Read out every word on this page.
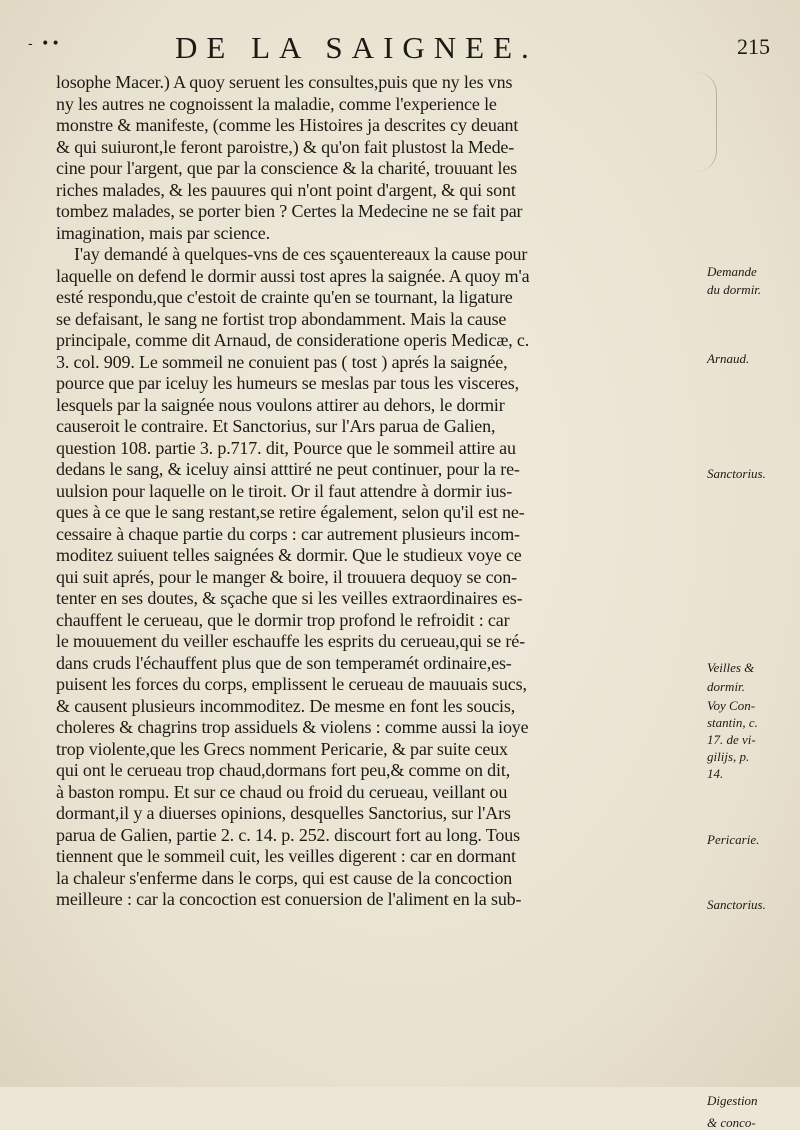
- ••	DE LA SAIGNEE.	215
losophe Macer.) A quoy seruent les consultes,puis que ny les vns
ny les autres ne cognoissent la maladie, comme l'experience le
monstre & manifeste, (comme les Histoires ja descrites cy deuant
& qui suiuront,le feront paroistre,) & qu'on fait plustost la Mede-
cine pour l'argent, que par la conscience & la charité, trouuant les
riches malades, & les pauures qui n'ont point d'argent, & qui sont
tombez malades, se porter bien ? Certes la Medecine ne se fait par
imagination, mais par science.
I'ay demandé à quelques-vns de ces sçauentereaux la cause pour
laquelle on defend le dormir aussi tost apres la saignée. A quoy m'a
esté respondu,que c'estoit de crainte qu'en se tournant, la ligature
se defaisant, le sang ne fortist trop abondamment. Mais la cause
principale, comme dit Arnaud, de consideratione operis Medicæ, c.
3. col. 909. Le sommeil ne conuient pas ( tost ) aprés la saignée,
pource que par iceluy les humeurs se meslas par tous les visceres,
lesquels par la saignée nous voulons attirer au dehors, le dormir
causeroit le contraire. Et Sanctorius, sur l'Ars parua de Galien,
question 108. partie 3. p.717. dit, Pource que le sommeil attire au
dedans le sang, & iceluy ainsi atttiré ne peut continuer, pour la re-
uulsion pour laquelle on le tiroit. Or il faut attendre à dormir ius-
ques à ce que le sang restant,se retire également, selon qu'il est ne-
cessaire à chaque partie du corps : car autrement plusieurs incom-
moditez suiuent telles saignées & dormir. Que le studieux voye ce
qui suit aprés, pour le manger & boire, il trouuera dequoy se con-
tenter en ses doutes, & sçache que si les veilles extraordinaires es-
chauffent le cerueau, que le dormir trop profond le refroidit : car
le mouuement du veiller eschauffe les esprits du cerueau,qui se ré-
dans cruds l'échauffent plus que de son temperamét ordinaire,es-
puisent les forces du corps, emplissent le cerueau de mauuais sucs,
& causent plusieurs incommoditez. De mesme en font les soucis,
choleres & chagrins trop assiduels & violens : comme aussi la ioye
trop violente,que les Grecs nomment Pericarie, & par suite ceux
qui ont le cerueau trop chaud,dormans fort peu,& comme on dit,
à baston rompu. Et sur ce chaud ou froid du cerueau, veillant ou
dormant,il y a diuerses opinions, desquelles Sanctorius, sur l'Ars
parua de Galien, partie 2. c. 14. p. 252. discourt fort au long. Tous
tiennent que le sommeil cuit, les veilles digerent : car en dormant
la chaleur s'enferme dans le corps, qui est cause de la concoction
meilleure : car la concoction est conuersion de l'aliment en la sub-
Demande
du dormir.
Arnaud.
Sanctorius.
Veilles &
dormir.
Voy Con-
stantin, c.
17. de vi-
gilijs, p.
14.
Pericarie.
Sanctorius.
Digestion
& conco-
